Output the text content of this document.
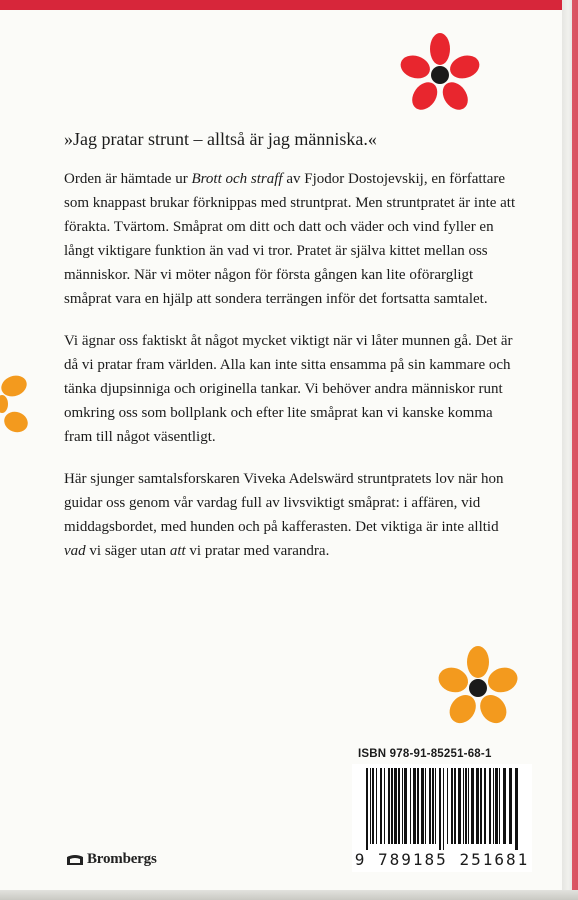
»Jag pratar strunt – alltså är jag människa.«

Orden är hämtade ur Brott och straff av Fjodor Dostojevskij, en författare som knappast brukar förknippas med struntprat. Men struntpratet är inte att förakta. Tvärtom. Småprat om ditt och datt och väder och vind fyller en långt viktigare funktion än vad vi tror. Pratet är själva kittet mellan oss människor. När vi möter någon för första gången kan lite oförargligt småprat vara en hjälp att sondera terrängen inför det fortsatta samtalet.

Vi ägnar oss faktiskt åt något mycket viktigt när vi låter munnen gå. Det är då vi pratar fram världen. Alla kan inte sitta ensamma på sin kammare och tänka djupsinniga och originella tankar. Vi behöver andra människor runt omkring oss som bollplank och efter lite småprat kan vi kanske komma fram till något väsentligt.

Här sjunger samtalsforskaren Viveka Adelswärd struntpratets lov när hon guidar oss genom vår vardag full av livsviktigt småprat: i affären, vid middagsbordet, med hunden och på kafferasten. Det viktiga är inte alltid vad vi säger utan att vi pratar med varandra.

ISBN 978-91-85251-68-1
9 789185 251681
Brombergs
